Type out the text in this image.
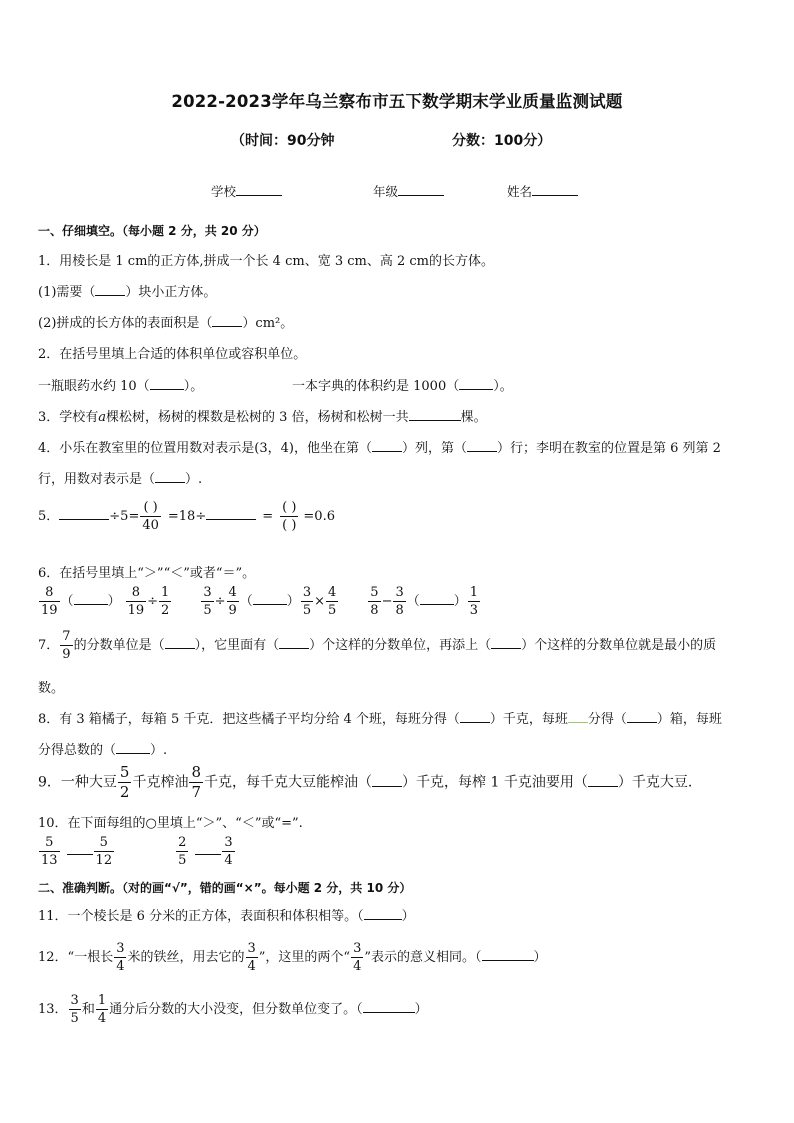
2022-2023学年乌兰察布市五下数学期末学业质量监测试题
（时间：90分钟	分数：100分）
学校	年级	姓名
一、仔细填空。（每小题 2 分，共 20 分）
1．用棱长是 1 cm的正方体,拼成一个长 4 cm、宽 3 cm、高 2 cm的长方体。
(1)需要（ ）块小正方体。
(2)拼成的长方体的表面积是（ ）cm²。
2．在括号里填上合适的体积单位或容积单位。
一瓶眼药水约 10（	）。	一本字典的体积约是 1000（	）。
3．学校有a棵松树，杨树的棵数是松树的 3 倍，杨树和松树一共	棵。
4．小乐在教室里的位置用数对表示是(3，4)，他坐在第（ ）列，第（ ）行；李明在教室的位置是第 6 列第 2
行，用数对表示是（ ）.
5．	$\div 5= \frac{( )}{40} =18\div$	= $\frac{( )}{( )} =0.6$
6．在括号里填上“＞”“＜”或者“＝”。
$\frac{8}{19}$ （	） $\frac{8}{19} \div \frac{1}{2} \frac{3}{5} \div \frac{4}{9}$ （	） $\frac{3}{5} \times \frac{4}{5} \frac{5}{8} - \frac{3}{8}$ （	） $\frac{1}{3}$
7． $\frac{7}{9}$ 的分数单位是（ ），它里面有（ ）个这样的分数单位，再添上（ ）个这样的分数单位就是最小的质
数。
8．有 3 箱橘子，每箱 5 千克．把这些橘子平均分给 4 个班，每班分得（ ）千克，每班 分得（ ）箱，每班
分得总数的（	）.
9．一种大豆 $\frac{5}{2}$ 千克榨油 $\frac{8}{7}$ 千克，每千克大豆能榨油（ ）千克，每榨 1 千克油要用（ ）千克大豆.
10．在下面每组的○里填上“＞”、“＜”或“=”.
$\frac{5}{13}$	$\frac{5}{12}$	$\frac{2}{5}$	$\frac{3}{4}$
二、准确判断。（对的画“√”，错的画“×”。每小题 2 分，共 10 分）
11．一个棱长是 6 分米的正方体，表面积和体积相等。（	）
12．“一根长 $\frac{3}{4}$ 米的铁丝，用去它的 $\frac{3}{4}$ ”，这里的两个“ $\frac{3}{4}$ ”表示的意义相同。（	）
13． $\frac{3}{5}$ 和 $\frac{1}{4}$ 通分后分数的大小没变，但分数单位变了。（	）
